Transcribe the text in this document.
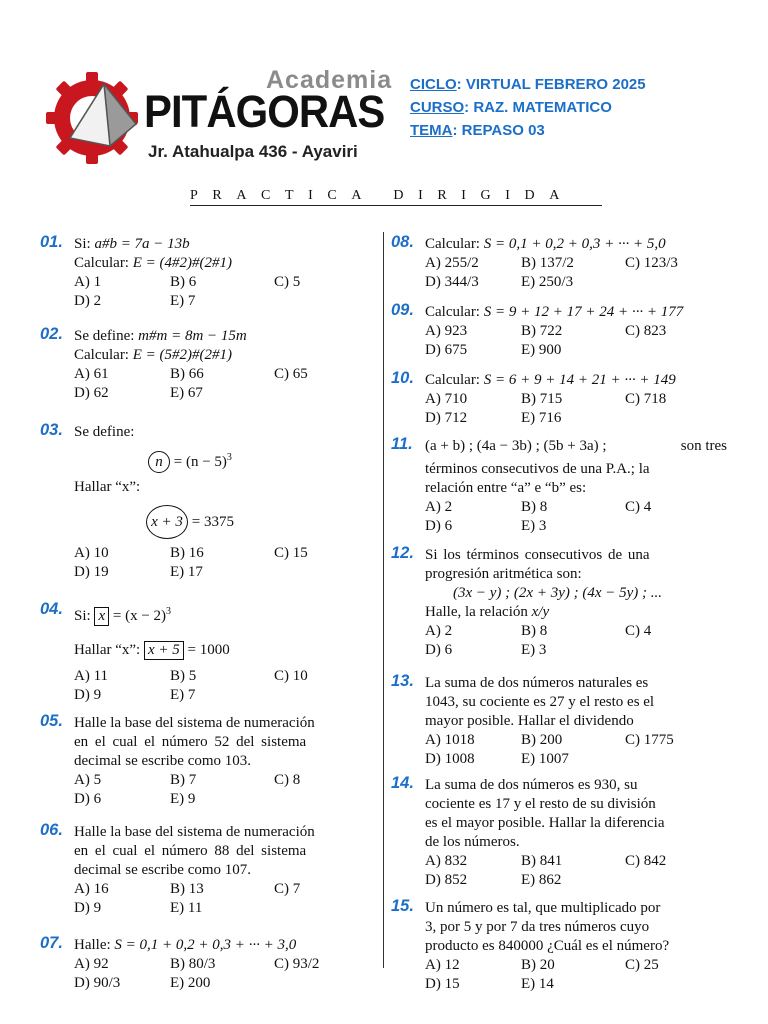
Academia
PITÁGORAS
Jr. Atahualpa 436 - Ayaviri
CICLO: VIRTUAL FEBRERO 2025
CURSO: RAZ. MATEMATICO
TEMA: REPASO 03
PRACTICA DIRIGIDA
01. Si: a#b = 7a − 13b
Calcular: E = (4#2)#(2#1)
A) 1	B) 6	C) 5
D) 2	E) 7
02. Se define: m#m = 8m − 15m
Calcular: E = (5#2)#(2#1)
A) 61	B) 66	C) 65
D) 62	E) 67
03. Se define:
$n = (n - 5)^3$
Hallar “x”:
x + 3 = 3375
A) 10	B) 16	C) 15
D) 19	E) 17
04. Si: $x = (x - 2)^3$
Hallar “x”: x + 5 = 1000
A) 11	B) 5	C) 10
D) 9	E) 7
05. Halle la base del sistema de numeración
en el cual el número 52 del sistema
decimal se escribe como 103.
A) 5	B) 7	C) 8
D) 6	E) 9
06. Halle la base del sistema de numeración
en el cual el número 88 del sistema
decimal se escribe como 107.
A) 16	B) 13	C) 7
D) 9	E) 11
07. Halle: S = 0,1 + 0,2 + 0,3 + ··· + 3,0
A) 92	B) 80/3	C) 93/2
D) 90/3	E) 200
08. Calcular: S = 0,1 + 0,2 + 0,3 + ··· + 5,0
A) 255/2	B) 137/2	C) 123/3
D) 344/3	E) 250/3
09. Calcular: S = 9 + 12 + 17 + 24 + ··· + 177
A) 923	B) 722	C) 823
D) 675	E) 900
10. Calcular: S = 6 + 9 + 14 + 21 + ··· + 149
A) 710	B) 715	C) 718
D) 712	E) 716
11. (a + b) ; (4a − 3b) ; (5b + 3a) ;	son tres
términos consecutivos de una P.A.; la
relación entre “a” e “b” es:
A) 2	B) 8	C) 4
D) 6	E) 3
12. Si los términos consecutivos de una
progresión aritmética son:
(3x − y) ; (2x + 3y) ; (4x − 5y) ; ...
Halle, la relación x/y
A) 2	B) 8	C) 4
D) 6	E) 3
13. La suma de dos números naturales es
1043, su cociente es 27 y el resto es el
mayor posible. Hallar el dividendo
A) 1018	B) 200	C) 1775
D) 1008	E) 1007
14. La suma de dos números es 930, su
cociente es 17 y el resto de su división
es el mayor posible. Hallar la diferencia
de los números.
A) 832	B) 841	C) 842
D) 852	E) 862
15. Un número es tal, que multiplicado por
3, por 5 y por 7 da tres números cuyo
producto es 840000 ¿Cuál es el número?
A) 12	B) 20	C) 25
D) 15	E) 14
